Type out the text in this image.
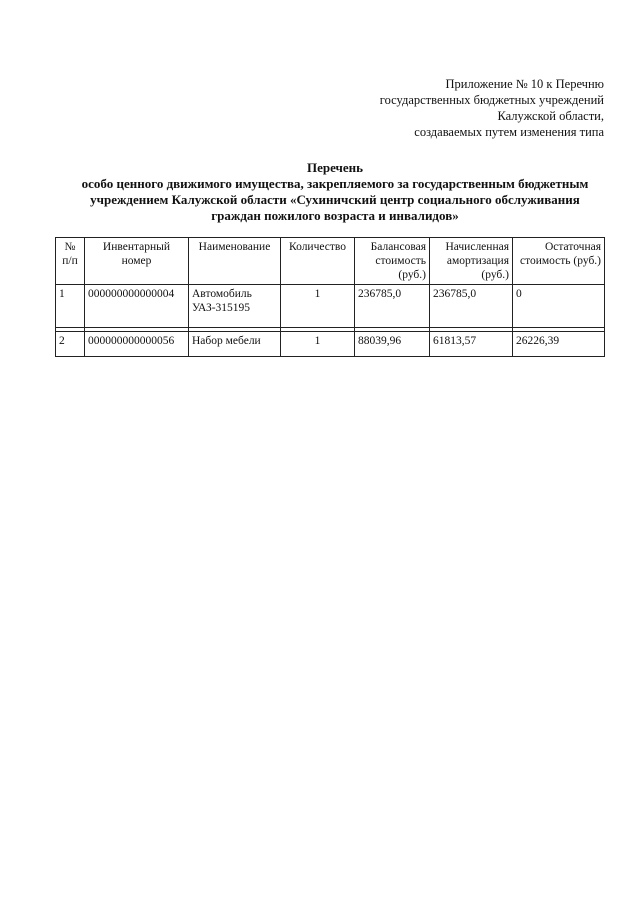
Приложение № 10 к Перечню
государственных бюджетных учреждений
Калужской области,
создаваемых путем изменения типа
Перечень
особо ценного движимого имущества, закрепляемого за государственным бюджетным
учреждением Калужской области «Сухиничский центр социального обслуживания
граждан пожилого возраста и инвалидов»
№ п/п	Инвентарный номер	Наименование	Количество	Балансовая стоимость (руб.)	Начисленная амортизация (руб.)	Остаточная стоимость (руб.)
1	000000000000004	Автомобиль УАЗ-315195	1	236785,0	236785,0	0

2	000000000000056	Набор мебели	1	88039,96	61813,57	26226,39
